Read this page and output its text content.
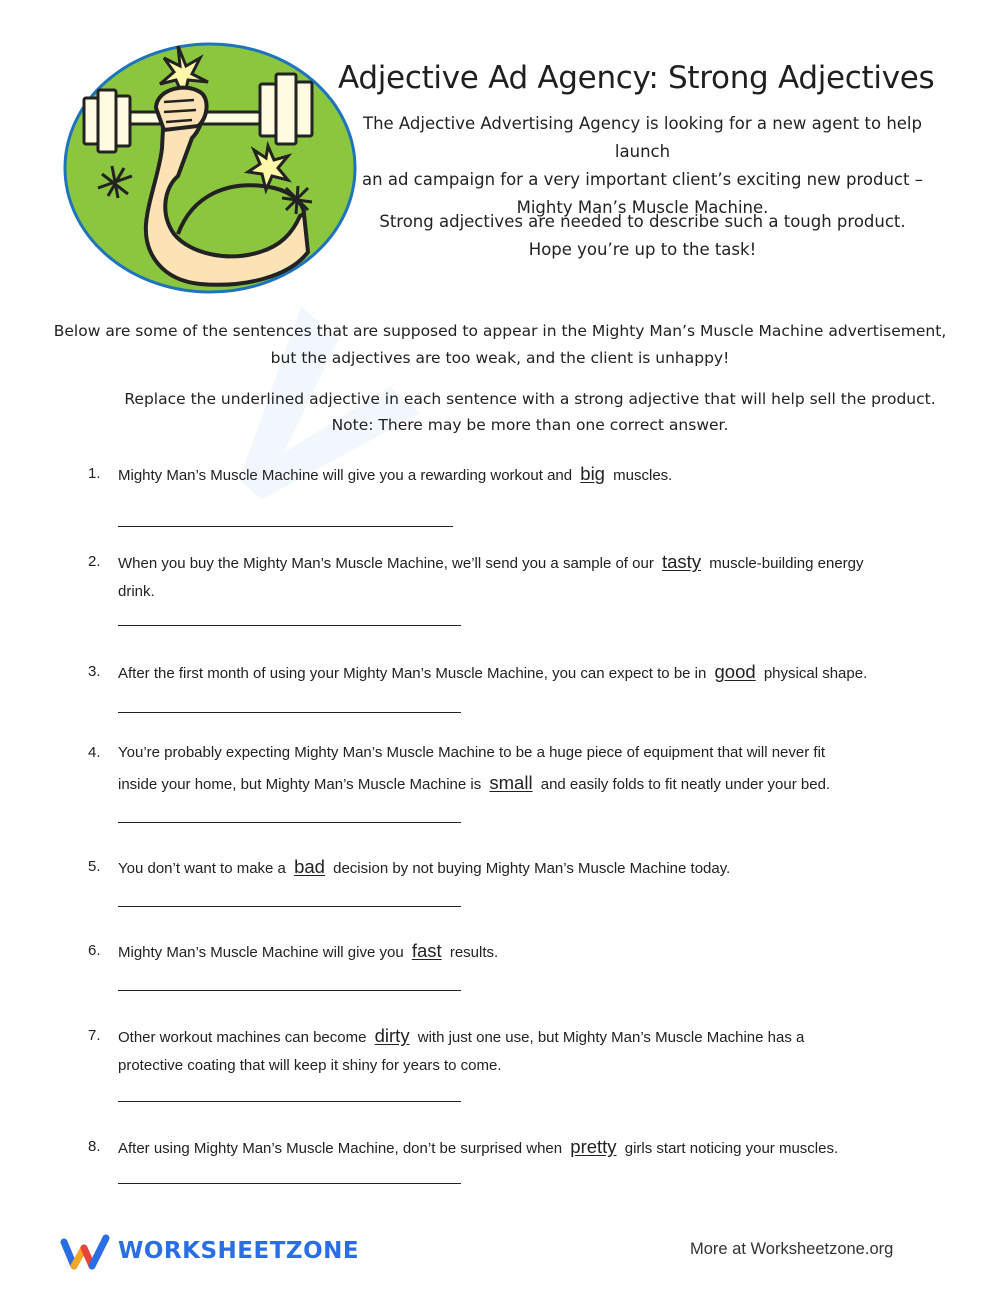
Adjective Ad Agency: Strong Adjectives
The Adjective Advertising Agency is looking for a new agent to help launch
an ad campaign for a very important client’s exciting new product –
Mighty Man’s Muscle Machine.
Strong adjectives are needed to describe such a tough product.
Hope you’re up to the task!
Below are some of the sentences that are supposed to appear in the Mighty Man’s Muscle Machine advertisement,
but the adjectives are too weak, and the client is unhappy!
Replace the underlined adjective in each sentence with a strong adjective that will help sell the product.
Note: There may be more than one correct answer.
1.	Mighty Man’s Muscle Machine will give you a rewarding workout and big muscles.
2.	When you buy the Mighty Man’s Muscle Machine, we’ll send you a sample of our tasty muscle-building energy
drink.
3.	After the first month of using your Mighty Man’s Muscle Machine, you can expect to be in good physical shape.
4.	You’re probably expecting Mighty Man’s Muscle Machine to be a huge piece of equipment that will never fit
inside your home, but Mighty Man’s Muscle Machine is small and easily folds to fit neatly under your bed.
5.	You don’t want to make a bad decision by not buying Mighty Man’s Muscle Machine today.
6.	Mighty Man’s Muscle Machine will give you fast results.
7.	Other workout machines can become dirty with just one use, but Mighty Man’s Muscle Machine has a
protective coating that will keep it shiny for years to come.
8.	After using Mighty Man’s Muscle Machine, don’t be surprised when pretty girls start noticing your muscles.
WORKSHEETZONE	More at Worksheetzone.org
